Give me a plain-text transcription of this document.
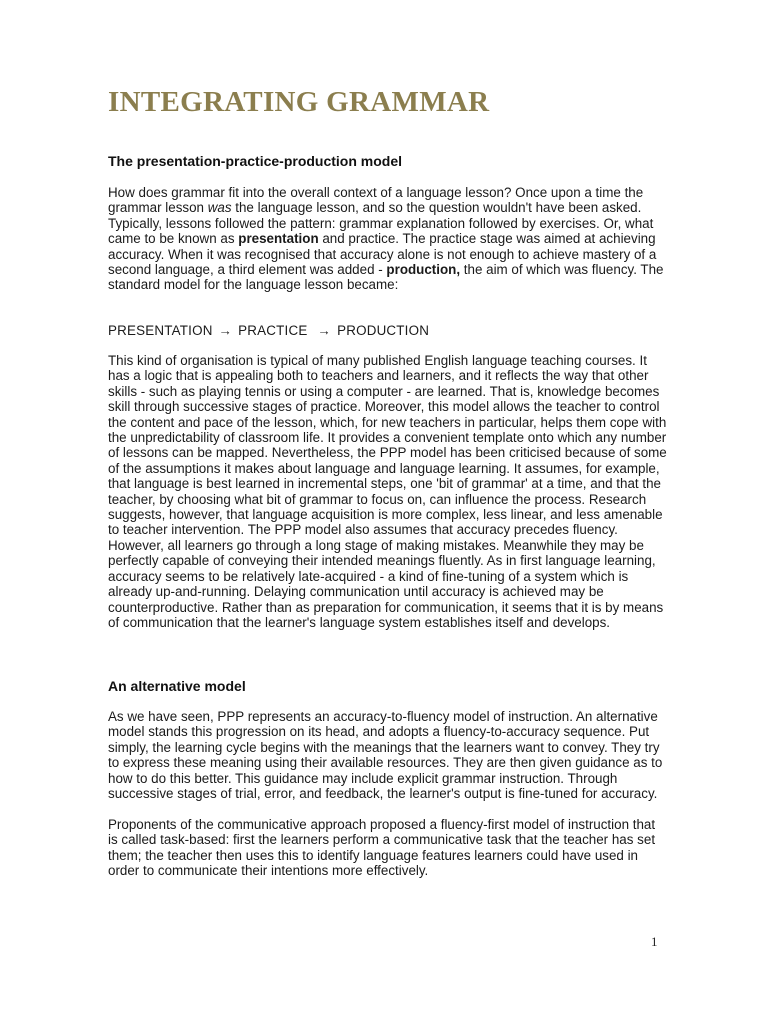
INTEGRATING GRAMMAR
The presentation-practice-production model

How does grammar fit into the overall context of a language lesson? Once upon a time the grammar lesson was the language lesson, and so the question wouldn't have been asked. Typically, lessons followed the pattern: grammar explanation followed by exercises. Or, what came to be known as presentation and practice. The practice stage was aimed at achieving accuracy. When it was recognised that accuracy alone is not enough to achieve mastery of a second language, a third element was added - production, the aim of which was fluency. The standard model for the language lesson became:

PRESENTATION → PRACTICE → PRODUCTION

This kind of organisation is typical of many published English language teaching courses. It has a logic that is appealing both to teachers and learners, and it reflects the way that other skills - such as playing tennis or using a computer - are learned. That is, knowledge becomes skill through successive stages of practice. Moreover, this model allows the teacher to control the content and pace of the lesson, which, for new teachers in particular, helps them cope with the unpredictability of classroom life. It provides a convenient template onto which any number of lessons can be mapped. Nevertheless, the PPP model has been criticised because of some of the assumptions it makes about language and language learning. It assumes, for example, that language is best learned in incremental steps, one 'bit of grammar' at a time, and that the teacher, by choosing what bit of grammar to focus on, can influence the process. Research suggests, however, that language acquisition is more complex, less linear, and less amenable to teacher intervention. The PPP model also assumes that accuracy precedes fluency. However, all learners go through a long stage of making mistakes. Meanwhile they may be perfectly capable of conveying their intended meanings fluently. As in first language learning, accuracy seems to be relatively late-acquired - a kind of fine-tuning of a system which is already up-and-running. Delaying communication until accuracy is achieved may be counterproductive. Rather than as preparation for communication, it seems that it is by means of communication that the learner's language system establishes itself and develops.

An alternative model

As we have seen, PPP represents an accuracy-to-fluency model of instruction. An alternative model stands this progression on its head, and adopts a fluency-to-accuracy sequence. Put simply, the learning cycle begins with the meanings that the learners want to convey. They try to express these meaning using their available resources. They are then given guidance as to how to do this better. This guidance may include explicit grammar instruction. Through successive stages of trial, error, and feedback, the learner's output is fine-tuned for accuracy.

Proponents of the communicative approach proposed a fluency-first model of instruction that is called task-based: first the learners perform a communicative task that the teacher has set them; the teacher then uses this to identify language features learners could have used in order to communicate their intentions more effectively.

1
